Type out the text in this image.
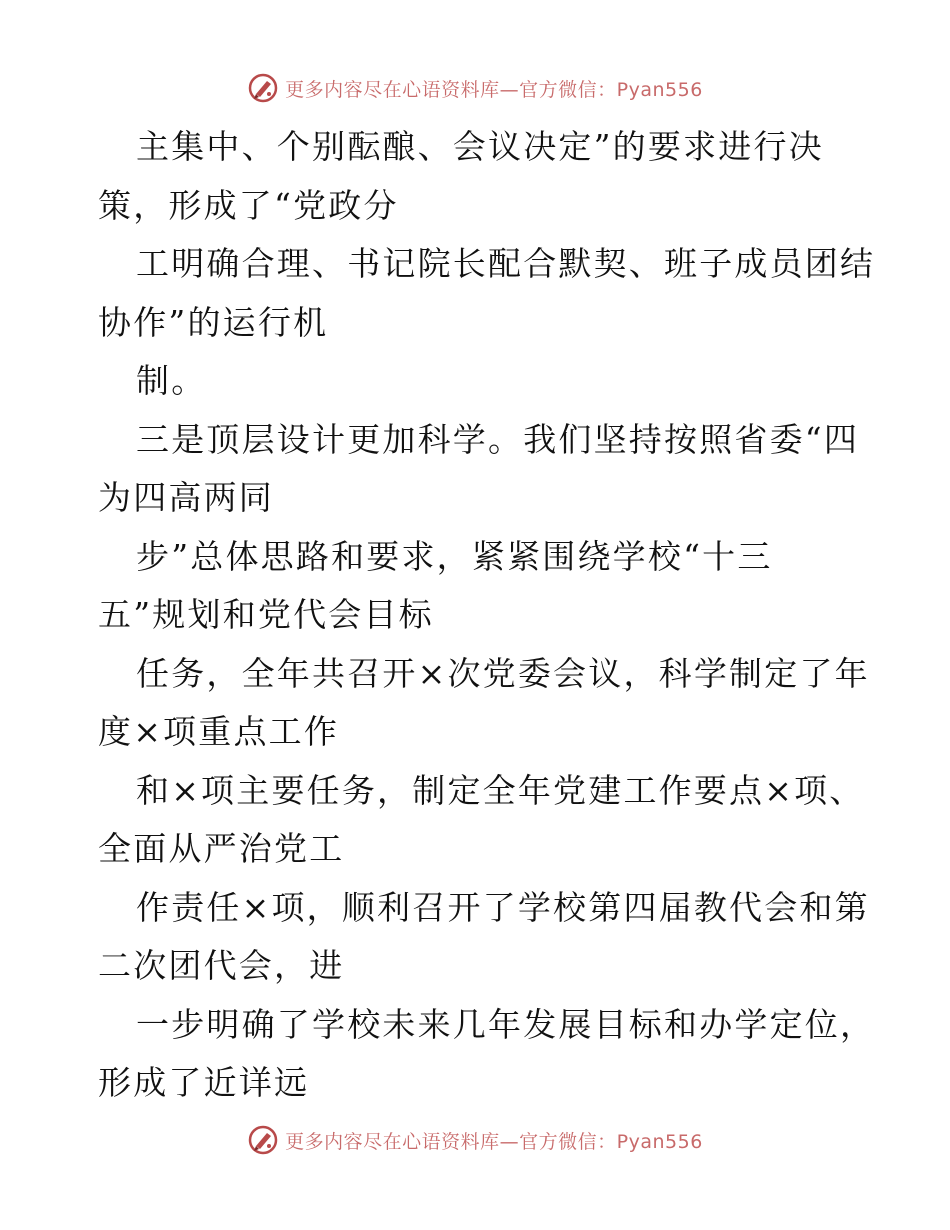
更多内容尽在心语资料库—官方微信：Pyan556
主集中、个别酝酿、会议决定”的要求进行决
策，形成了“党政分
工明确合理、书记院长配合默契、班子成员团结
协作”的运行机
制。
三是顶层设计更加科学。我们坚持按照省委“四
为四高两同
步”总体思路和要求，紧紧围绕学校“十三
五”规划和党代会目标
任务，全年共召开×次党委会议，科学制定了年
度×项重点工作
和×项主要任务，制定全年党建工作要点×项、
全面从严治党工
作责任×项，顺利召开了学校第四届教代会和第
二次团代会，进
一步明确了学校未来几年发展目标和办学定位，
形成了近详远
更多内容尽在心语资料库—官方微信：Pyan556
